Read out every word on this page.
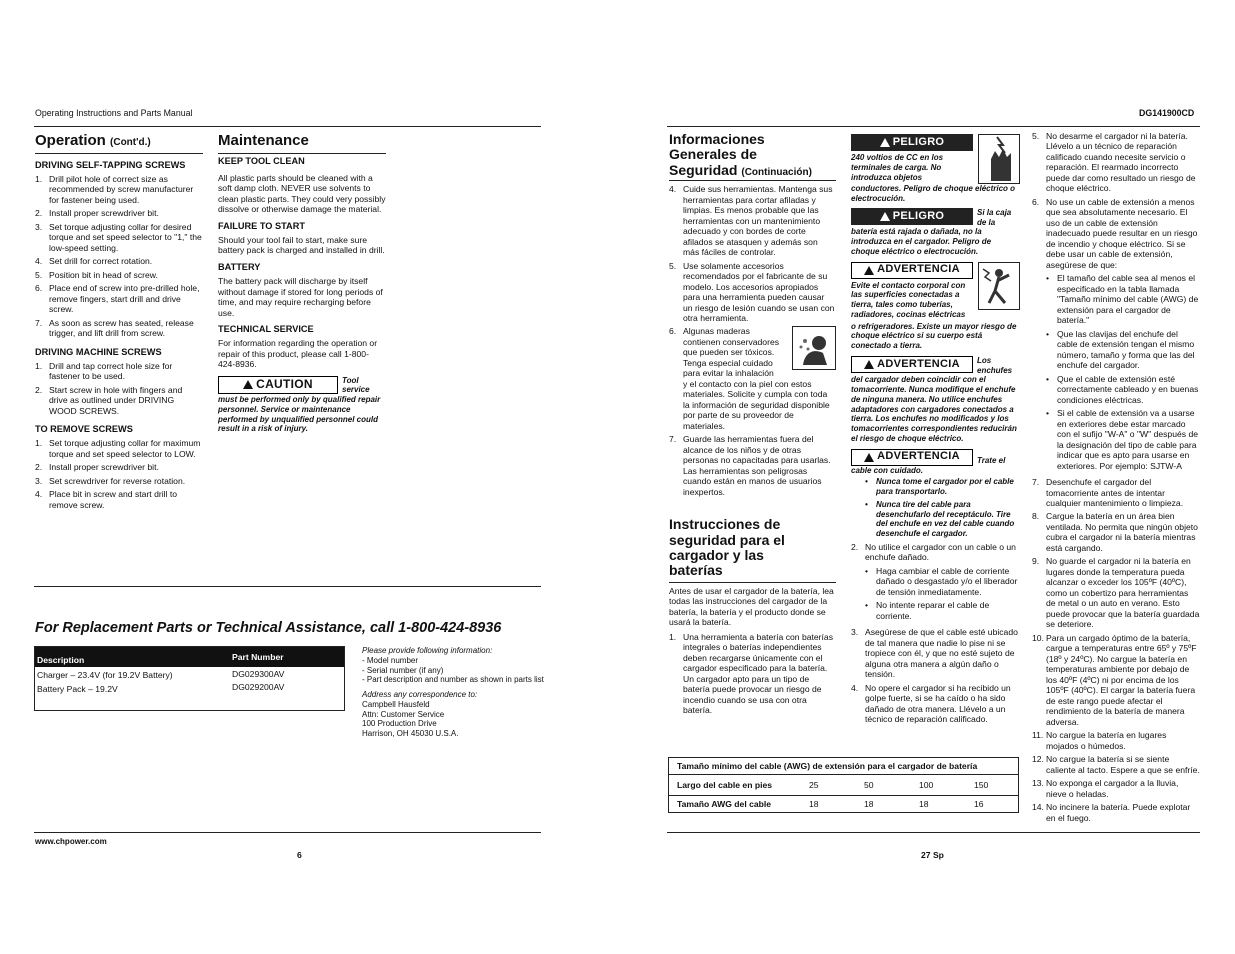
Operating Instructions and Parts Manual
Operation (Cont'd.)
DRIVING SELF-TAPPING SCREWS
1. Drill pilot hole of correct size as recommended by screw manufacturer for fastener being used.
2. Install proper screwdriver bit.
3. Set torque adjusting collar for desired torque and set speed selector to "1," the low-speed setting.
4. Set drill for correct rotation.
5. Position bit in head of screw.
6. Place end of screw into pre-drilled hole, remove fingers, start drill and drive screw.
7. As soon as screw has seated, release trigger, and lift drill from screw.
DRIVING MACHINE SCREWS
1. Drill and tap correct hole size for fastener to be used.
2. Start screw in hole with fingers and drive as outlined under DRIVING WOOD SCREWS.
TO REMOVE SCREWS
1. Set torque adjusting collar for maximum torque and set speed selector to LOW.
2. Install proper screwdriver bit.
3. Set screwdriver for reverse rotation.
4. Place bit in screw and start drill to remove screw.
Maintenance
KEEP TOOL CLEAN

All plastic parts should be cleaned with a soft damp cloth. NEVER use solvents to clean plastic parts. They could very possibly dissolve or otherwise damage the material.

FAILURE TO START

Should your tool fail to start, make sure battery pack is charged and installed in drill.

BATTERY

The battery pack will discharge by itself without damage if stored for long periods of time, and may require recharging before use.

TECHNICAL SERVICE

For information regarding the operation or repair of this product, please call 1-800-424-8936.

CAUTION	Tool service

must be performed only by qualified repair personnel. Service or maintenance performed by unqualified personnel could result in a risk of injury.

For Replacement Parts or Technical Assistance, call 1-800-424-8936
Description	Part Number
Charger – 23.4V (for 19.2V Battery)	DG029300AV
Battery Pack – 19.2V	DG029200AV
Please provide following information:
- Model number
- Serial number (if any)
- Part description and number as shown in parts list
Address any correspondence to:
Campbell Hausfeld
Attn: Customer Service
100 Production Drive
Harrison, OH 45030 U.S.A.
www.chpower.com
6
DG141900CD
Informaciones Generales de
Seguridad (Continuación)
4. Cuide sus herramientas. Mantenga sus herramientas para cortar afiladas y limpias. Es menos probable que las herramientas con un mantenimiento adecuado y con bordes de corte afilados se atasquen y además son más fáciles de controlar.
5. Use solamente accesorios recomendados por el fabricante de su modelo. Los accesorios apropiados para una herramienta pueden causar un riesgo de lesión cuando se usan con otra herramienta.
6. Algunas maderas contienen conservadores que pueden ser tóxicos. Tenga especial cuidado para evitar la inhalación
y el contacto con la piel con estos materiales. Solicite y cumpla con toda la información de seguridad disponible por parte de su proveedor de materiales.
7. Guarde las herramientas fuera del alcance de los niños y de otras personas no capacitadas para usarlas. Las herramientas son peligrosas cuando están en manos de usuarios inexpertos.
Instrucciones de seguridad para el cargador y las baterías

Antes de usar el cargador de la batería, lea todas las instrucciones del cargador de la batería, la batería y el producto donde se usará la batería.

1. Una herramienta a batería con baterías integrales o baterías independientes deben recargarse únicamente con el cargador especificado para la batería. Un cargador apto para un tipo de batería puede provocar un riesgo de incendio cuando se usa con otra batería.
PELIGRO

240 voltios de CC en los terminales de carga. No introduzca objetos

conductores. Peligro de choque eléctrico o electrocución.

PELIGRO	Si la caja de la

batería está rajada o dañada, no la introduzca en el cargador. Peligro de choque eléctrico o electrocución.

ADVERTENCIA

Evite el contacto corporal con las superficies conectadas a tierra, tales como tuberías, radiadores, cocinas eléctricas

o refrigeradores. Existe un mayor riesgo de choque eléctrico si su cuerpo está conectado a tierra.

ADVERTENCIA Los enchufes

del cargador deben coincidir con el tomacorriente. Nunca modifique el enchufe de ninguna manera. No utilice enchufes adaptadores con cargadores conectados a tierra. Los enchufes no modificados y los tomacorrientes correspondientes reducirán el riesgo de choque eléctrico.

ADVERTENCIA Trate el

cable con cuidado.

• Nunca tome el cargador por el cable para transportarlo.
• Nunca tire del cable para desenchufarlo del receptáculo. Tire del enchufe en vez del cable cuando desenchufe el cargador.
2. No utilice el cargador con un cable o un enchufe dañado.
• Haga cambiar el cable de corriente dañado o desgastado y/o el liberador de tensión inmediatamente.
• No intente reparar el cable de corriente.
3. Asegúrese de que el cable esté ubicado de tal manera que nadie lo pise ni se tropiece con él, y que no esté sujeto de alguna otra manera a algún daño o tensión.
4. No opere el cargador si ha recibido un golpe fuerte, si se ha caído o ha sido dañado de otra manera. Llévelo a un técnico de reparación calificado.
5. No desarme el cargador ni la batería. Llévelo a un técnico de reparación calificado cuando necesite servicio o reparación. El rearmado incorrecto puede dar como resultado un riesgo de choque eléctrico.
6. No use un cable de extensión a menos que sea absolutamente necesario. El uso de un cable de extensión inadecuado puede resultar en un riesgo de incendio y choque eléctrico. Si se debe usar un cable de extensión, asegúrese de que:
• El tamaño del cable sea al menos el especificado en la tabla llamada "Tamaño mínimo del cable (AWG) de extensión para el cargador de batería."
• Que las clavijas del enchufe del cable de extensión tengan el mismo número, tamaño y forma que las del enchufe del cargador.
• Que el cable de extensión esté correctamente cableado y en buenas condiciones eléctricas.
• Si el cable de extensión va a usarse en exteriores debe estar marcado con el sufijo "W-A" o "W" después de la designación del tipo de cable para indicar que es apto para usarse en exteriores. Por ejemplo: SJTW-A
7. Desenchufe el cargador del tomacorriente antes de intentar cualquier mantenimiento o limpieza.
8. Cargue la batería en un área bien ventilada. No permita que ningún objeto cubra el cargador ni la batería mientras está cargando.
9. No guarde el cargador ni la batería en lugares donde la temperatura pueda alcanzar o exceder los 105ºF (40ºC), como un cobertizo para herramientas de metal o un auto en verano. Esto puede provocar que la batería guardada se deteriore.
10. Para un cargado óptimo de la batería, cargue a temperaturas entre 65º y 75ºF (18º y 24ºC). No cargue la batería en temperaturas ambiente por debajo de los 40ºF (4ºC) ni por encima de los 105ºF (40ºC). El cargar la batería fuera de este rango puede afectar el rendimiento de la batería de manera adversa.
11. No cargue la batería en lugares mojados o húmedos.
12. No cargue la batería si se siente caliente al tacto. Espere a que se enfríe.
13. No exponga el cargador a la lluvia, nieve o heladas.
14. No incinere la batería. Puede explotar en el fuego.
Tamaño mínimo del cable (AWG) de extensión para el cargador de batería
Largo del cable en pies	25	50	100	150
Tamaño AWG del cable	18	18	18	16
27 Sp
